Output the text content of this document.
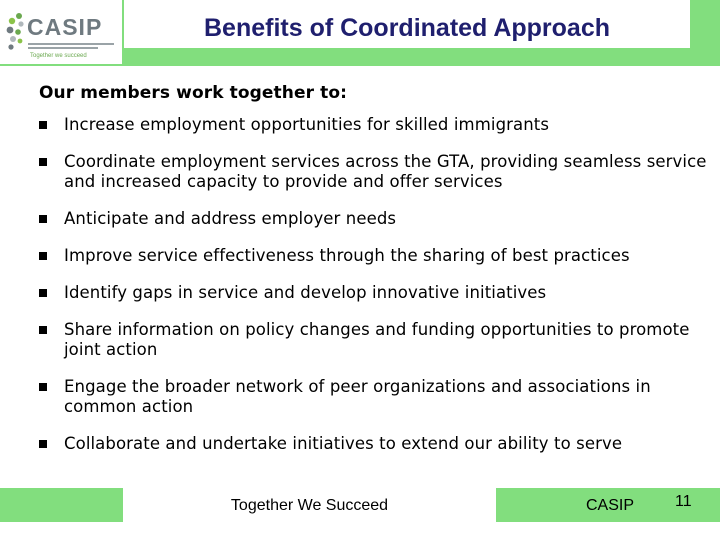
CASIP
Together we succeed
Benefits of Coordinated Approach
Our members work together to:
Increase employment opportunities for skilled immigrants
Coordinate employment services across the GTA, providing seamless service and increased capacity to provide and offer services
Anticipate and address employer needs
Improve service effectiveness through the sharing of best practices
Identify gaps in service and develop innovative initiatives
Share information on policy changes and funding opportunities to promote joint action
Engage the broader network of peer organizations and associations in common action
Collaborate and undertake initiatives to extend our ability to serve
Together We Succeed	CASIP	11
